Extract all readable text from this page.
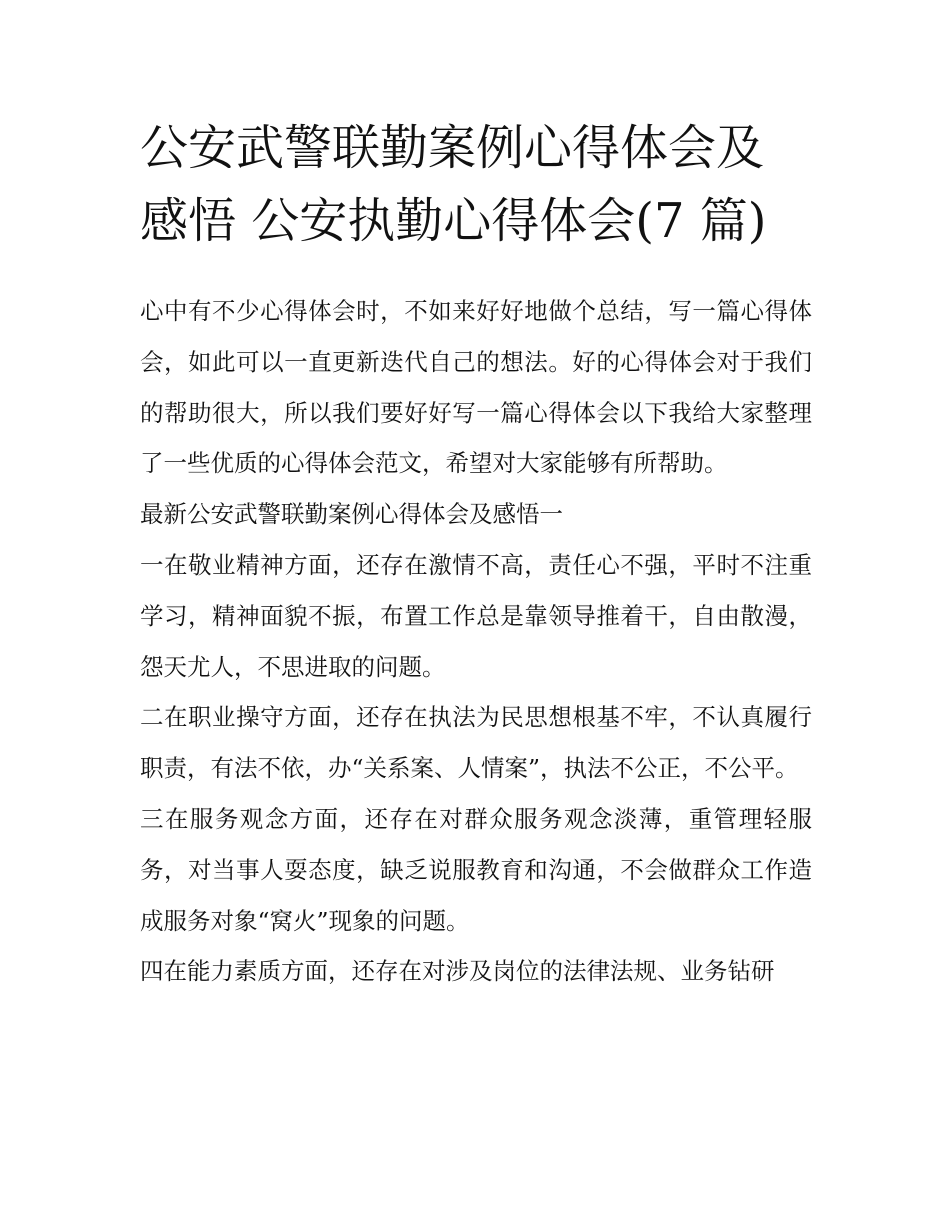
公安武警联勤案例心得体会及
感悟 公安执勤心得体会(7 篇)

心中有不少心得体会时，不如来好好地做个总结，写一篇心得体会，如此可以一直更新迭代自己的想法。好的心得体会对于我们的帮助很大，所以我们要好好写一篇心得体会以下我给大家整理了一些优质的心得体会范文，希望对大家能够有所帮助。

最新公安武警联勤案例心得体会及感悟一

一在敬业精神方面，还存在激情不高，责任心不强，平时不注重学习，精神面貌不振，布置工作总是靠领导推着干，自由散漫，怨天尤人，不思进取的问题。

二在职业操守方面，还存在执法为民思想根基不牢，不认真履行职责，有法不依，办“关系案、人情案”，执法不公正，不公平。

三在服务观念方面，还存在对群众服务观念淡薄，重管理轻服务，对当事人耍态度，缺乏说服教育和沟通，不会做群众工作造成服务对象“窝火”现象的问题。

四在能力素质方面，还存在对涉及岗位的法律法规、业务钻研
